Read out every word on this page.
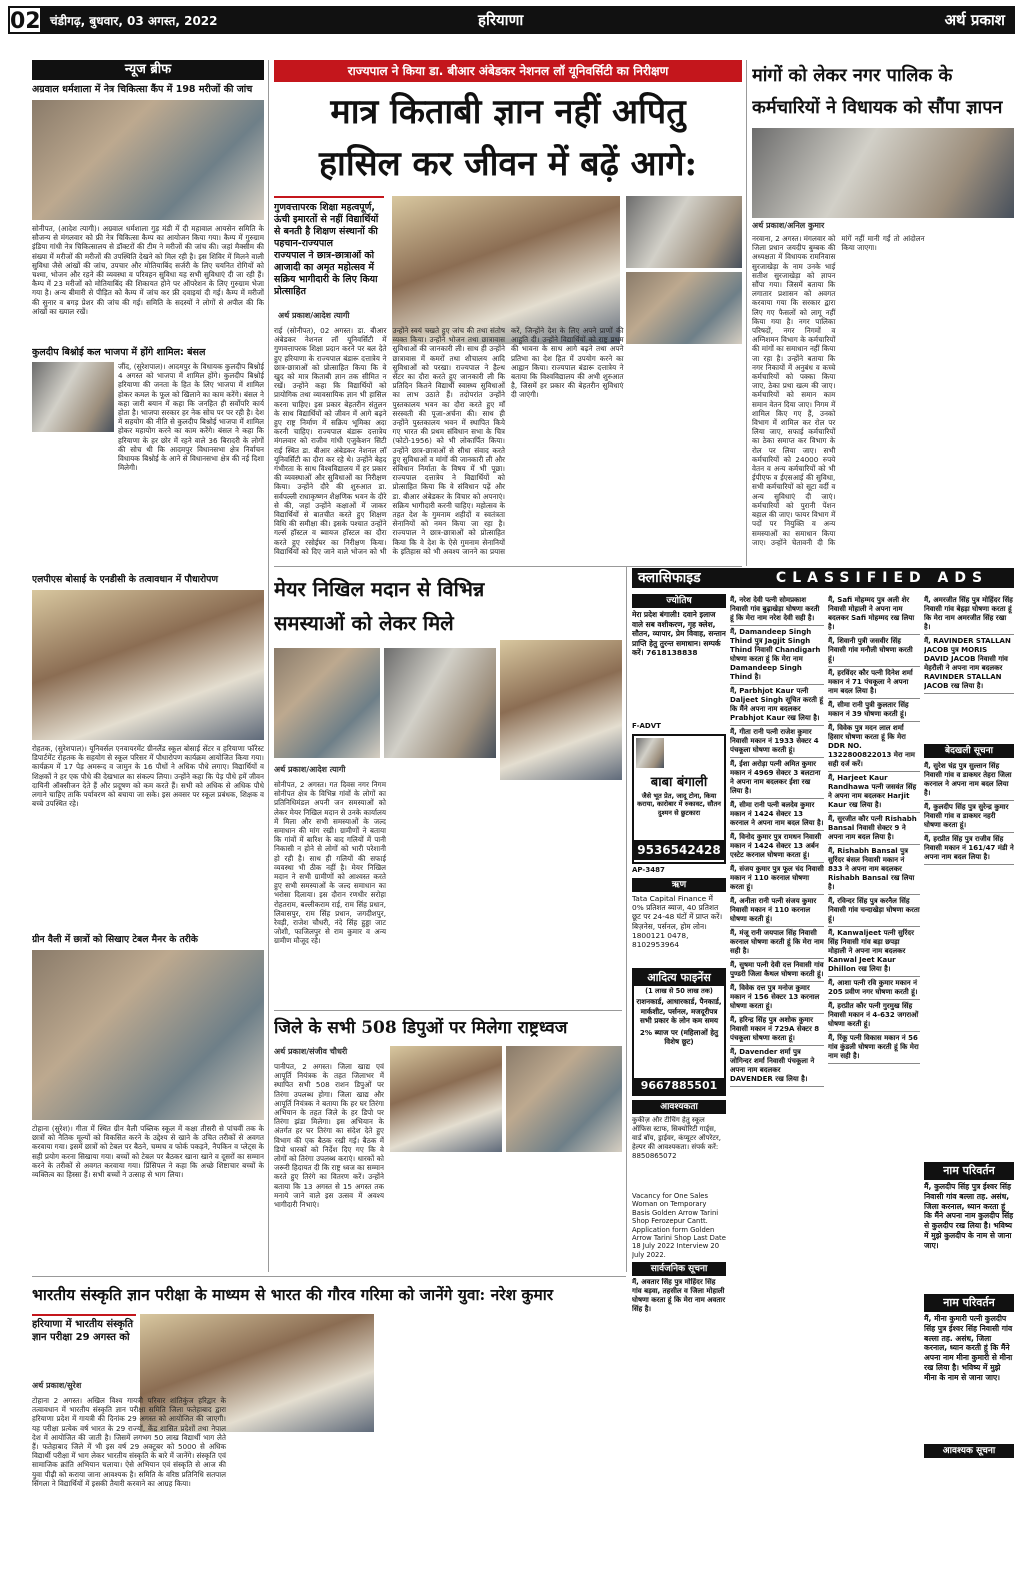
02 चंडीगढ़, बुधवार, 03 अगस्त, 2022	हरियाणा	अर्थ प्रकाश
न्यूज ब्रीफ
अग्रवाल धर्मशाला में नेत्र चिकित्सा कैंप में 198 मरीजों की जांच
सोनीपत, (आदेश त्यागी)। अग्रवाल धर्मशाला गुड़ मंडी में दी महावाल आयसेन समिति के सौजन्य से मंगलवार को फ्री नेत्र चिकित्सा कैम्प का आयोजन किया गया। कैम्प में गुरुग्राम इंडिया गांधी नेत्र चिकित्सालय से डॉक्टरों की टीम ने मरीजों की जांच की। जहां मैक्सीम की संख्या में मरीजों की मरीजों की उपस्थिति देखने को मिल रही है। इस शिविर में मिलने वाली सुविधा जैसे आंखों की जांच, उपचार और मोतियाबिंद सर्जरी के लिए चयनित रोगियों को चश्मा, भोजन और रहने की व्यवस्था व परिवहन सुविधा यह सभी सुविधाएं दी जा रही हैं। कैम्प में 23 मरीजों को मोतियाबिंद की शिकायत होने पर ऑपरेशन के लिए गुरुग्राम भेजा गया है। अन्य बीमारी से पीड़ित को कैम्प में जांच कर फ्री दवाइयां दी गई। कैम्प में मरीजों की सुनार व बगड़ प्रेशर की जांच की गई। समिति के सदस्यों ने लोगों से अपील की कि आंखों का ख्याल रखें।
कुलदीप बिश्नोई कल भाजपा में होंगे शामिल: बंसल
जींद, (सुरेशपाल)। आदमपुर के विधायक कुलदीप बिश्नोई 4 अगस्त को भाजपा में शामिल होंगे। कुलदीप बिश्नोई हरियाणा की जनता के हित के लिए भाजपा में शामिल होकर कमल के फूल को खिलाने का काम करेंगे। बंसल ने कहा जारी बयान में कहा कि जनहित ही सर्वोपरि कार्य होता है। भाजपा सरकार हर नेक सोच पर पर रही है। देश में सहयोग की नीति से कुलदीप बिश्नोई भाजपा में शामिल होकर महायोग करने का काम करेंगे। बंसल ने कहा कि हरियाणा के हर छोर में रहने वाले 36 बिरादरी के लोगों की सोच थी कि आदमपुर विधानसभा क्षेत्र निर्वाचन विधायक बिश्नोई के आने से विधानसभा क्षेत्र की नई दिशा मिलेगी।
एलपीएस बोसाई के एनडीसी के तत्वावधान में पौधारोपण
रोहतक, (सुरेशपाल)। यूनिवर्सल एनवायरमेंट ग्रीनलैंड स्कूल बोसाई सेंटर व हरियाणा फॉरेस्ट डिपार्टमेंट रोहतक के सहयोग से स्कूल परिसर में पौधारोपण कार्यक्रम आयोजित किया गया। कार्यक्रम में 17 पेड़ अमरूद व जामुन के 16 पौधों ने अधिक पौधे लगाए। विद्यार्थियों व शिक्षकों ने हर एक पौधे की देखभाल का संकल्प लिया। उन्होंने कहा कि पेड़ पौधे हमें जीवन दायिनी ऑक्सीजन देते हैं और प्रदूषण को कम करते हैं। सभी को अधिक से अधिक पौधे लगाने चाहिए ताकि पर्यावरण को बचाया जा सके। इस अवसर पर स्कूल प्रबंधक, शिक्षक व बच्चे उपस्थित रहे।
ग्रीन वैली में छात्रों को सिखाए टेबल मैनर के तरीके
टोहाना (सुरेश)। गीता में स्थित ग्रीन वैली पब्लिक स्कूल में कक्षा तीसरी से पांचवीं तक के छात्रों को नैतिक मूल्यों को विकसित करने के उद्देश्य से खाने के उचित तरीकों से अवगत करवाया गया। इसमें छात्रों को टेबल पर बैठने, चम्मच व फोर्क पकड़ने, नैपकिन व प्लेट्स के सही प्रयोग करना सिखाया गया। बच्चों को टेबल पर बैठकर खाना खाने व दूसरों का सम्मान करने के तरीकों से अवगत करवाया गया। प्रिंसिपल ने कहा कि अच्छे शिष्टाचार बच्चों के व्यक्तित्व का हिस्सा हैं। सभी बच्चों ने उत्साह से भाग लिया।
राज्यपाल ने किया डा. बीआर अंबेडकर नेशनल लॉ यूनिवर्सिटी का निरीक्षण
मात्र किताबी ज्ञान नहीं अपितु
हासिल कर जीवन में बढ़ें आगे:
गुणवत्तापरक शिक्षा महत्वपूर्ण, ऊंची इमारतों से नहीं विद्यार्थियों से बनती है शिक्षण संस्थानों की पहचान-राज्यपाल
राज्यपाल ने छात्र-छात्राओं को आजादी का अमृत महोत्सव में सक्रिय भागीदारी के लिए किया प्रोत्साहित
अर्थ प्रकाश/आदेश त्यागी
राई (सोनीपत), 02 अगस्त। डा. बीआर अंबेडकर नेशनल लॉ यूनिवर्सिटी में गुणवत्तापरक शिक्षा प्रदान करने पर बल देते हुए हरियाणा के राज्यपाल बंडारू दत्तात्रेय ने छात्र-छात्राओं को प्रोत्साहित किया कि वे खुद को मात्र किताबी ज्ञान तक सीमित न रखें। उन्होंने कहा कि विद्यार्थियों को प्रायोगिक तथा व्यावसायिक ज्ञान भी हासिल करना चाहिए। इस प्रकार बेहतरीन संतुलन के साथ विद्यार्थियों को जीवन में आगे बढ़ने हुए राष्ट्र निर्माण में सक्रिय भूमिका अदा करनी चाहिए। राज्यपाल बंडारू दत्तात्रेय मंगलवार को राजीव गांधी एजुकेशन सिटी राई स्थित डा. बीआर अंबेडकर नेशनल लॉ यूनिवर्सिटी का दौरा कर रहे थे। उन्होंने बेहद गंभीरता के साथ विश्वविद्यालय में हर प्रकार की व्यवस्थाओं और सुविधाओं का निरीक्षण किया। उन्होंने दौरे की शुरुआत डा. सर्वपल्ली राधाकृष्णन शैक्षणिक भवन के दौरे से की, जहां उन्होंने कक्षाओं में जाकर विद्यार्थियों से बातचीत करते हुए शिक्षण विधि की समीक्षा की। इसके पश्चात उन्होंने गर्ल्स हॉस्टल व ब्वायज हॉस्टल का दौरा करते हुए रसोईघर का निरीक्षण किया। विद्यार्थियों को दिए जाने वाले भोजन को भी उन्होंने स्वयं चखते हुए जांच की तथा संतोष व्यक्त किया। उन्होंने भोजन तथा छात्रावास सुविधाओं की जानकारी ली। साथ ही उन्होंने छात्रावास में कमरों तथा शौचालय आदि सुविधाओं को परखा। राज्यपाल ने हैल्थ सेंटर का दौरा करते हुए जानकारी ली कि प्रतिदिन कितने विद्यार्थी स्वास्थ्य सुविधाओं का लाभ उठाते हैं। तदोपरांत उन्होंने पुस्तकालय भवन का दौरा करते हुए माँ सरस्वती की पूजा-अर्चना की। साथ ही उन्होंने पुस्तकालय भवन में स्थापित किये गए भारत की प्रथम संविधान सभा के चित्र (फोटो-1956) को भी लोकार्पित किया। उन्होंने छात्र-छात्राओं से सीधा संवाद करते हुए सुविधाओं व मांगों की जानकारी ली और संविधान निर्माता के विषय में भी पूछा। राज्यपाल दत्तात्रेय ने विद्यार्थियों को प्रोत्साहित किया कि वे संविधान पढ़ें और डा. बीआर अंबेडकर के विचार को अपनाएं। सक्रिय भागीदारी करनी चाहिए। महोत्सव के तहत देश के गुमनाम शहीदों व स्वतंत्रता सेनानियों को नमन किया जा रहा है। राज्यपाल ने छात्र-छात्राओं को प्रोत्साहित किया कि वे देश के ऐसे गुमनाम सेनानियों के इतिहास को भी अवश्य जानने का प्रयास करें, जिन्होंने देश के लिए अपने प्राणों की आहुति दी। उन्होंने विद्यार्थियों को राष्ट्र प्रथम की भावना के साथ आगे बढ़ने तथा अपने प्रतिभा का देश हित में उपयोग करने का आह्वान किया। राज्यपाल बंडारू दत्तात्रेय ने बताया कि विश्वविद्यालय की अभी शुरुआत है, जिसमें हर प्रकार की बेहतरीन सुविधाएं दी जाएंगी।
मेयर निखिल मदान से विभिन्न समस्याओं को लेकर मिले
अर्थ प्रकाश/आदेश त्यागी
सोनीपत, 2 अगस्त। गत दिवस नगर निगम सोनीपत क्षेत्र के विभिन्न गांवों के लोगों का प्रतिनिधिमंडल अपनी जन समस्याओं को लेकर मेयर निखिल मदान से उनके कार्यालय में मिला और सभी समस्याओं के जल्द समाधान की मांग रखी। ग्रामीणों ने बताया कि गांवों में बारिश के बाद गलियों में पानी निकासी न होने से लोगों को भारी परेशानी हो रही है। साथ ही गलियों की सफाई व्यवस्था भी ठीक नहीं है। मेयर निखिल मदान ने सभी ग्रामीणों को आश्वस्त करते हुए सभी समस्याओं के जल्द समाधान का भरोसा दिलाया। इस दौरान रणधीर सरोहा रोहतराम, बल्लीकराम राई, राम सिंह प्रधान, लिवासपुर, राम सिंह प्रधान, जगदीशपुर, रेवड़ी, राजेश चौधरी, नंदे सिंह हुड्डा जाट जोशी, फाजिलपुर से राम कुमार व अन्य ग्रामीण मौजूद रहे।
जिले के सभी 508 डिपुओं पर मिलेगा राष्ट्रध्वज
अर्थ प्रकाश/संजीव चौधरी
पानीपत, 2 अगस्त। जिला खाद्य एवं आपूर्ति नियंत्रक के तहत जिलाभर में स्थापित सभी 508 राशन डिपुओं पर तिरंगा उपलब्ध होगा। जिला खाद्य और आपूर्ति नियंत्रक ने बताया कि हर घर तिरंगा अभियान के तहत जिले के हर डिपो पर तिरंगा झंडा मिलेगा। इस अभियान के अंतर्गत हर घर तिरंगा का संदेश देते हुए विभाग की एक बैठक रखी गई। बैठक में डिपो धारकों को निर्देश दिए गए कि वे लोगों को तिरंगा उपलब्ध कराएं। धारकों को जरूरी हिदायत दी कि राष्ट्र ध्वज का सम्मान करते हुए तिरंगे का वितरण करें। उन्होंने बताया कि 13 अगस्त से 15 अगस्त तक मनाये जाने वाले इस उत्सव में अवश्य भागीदारी निभाएं।
मांगों को लेकर नगर पालिक के कर्मचारियों ने विधायक को सौंपा ज्ञापन
अर्थ प्रकाश/अनिल कुमार
नरवाना, 2 अगस्त। मंगलवार को जिला प्रधान जयदीप बुम्बक की अध्यक्षता में विधायक रामनिवास सुरजाखेड़ा के नाम उनके भाई सतीश सुरजाखेड़ा को ज्ञापन सौंपा गया। जिसमें बताया कि लगातार प्रशासन को अवगत करवाया गया कि सरकार द्वारा लिए गए फैसलों को लागू नहीं किया गया है। नगर पालिका परिषदों, नगर निगमों व अग्निशमन विभाग के कर्मचारियों की मांगों का समाधान नहीं किया जा रहा है। उन्होंने बताया कि नगर निकायों में अनुबंध व कच्चे कर्मचारियों को पक्का किया जाए, ठेका प्रथा खत्म की जाए। कर्मचारियों को समान काम समान वेतन दिया जाए। निगम में शामिल किए गए हैं, उनको विभाग में शामिल कर रोल पर लिया जाए, सफाई कर्मचारियों का ठेका समाप्त कर विभाग के रोल पर लिया जाए। सभी कर्मचारियों को 24000 रुपये वेतन व अन्य कर्मचारियों को भी ईपीएफ व ईएसआई की सुविधा, सभी कर्मचारियों को सूटा वर्दी व अन्य सुविधाएं दी जाएं। कर्मचारियों को पुरानी पेंशन बहाल की जाए। फायर विभाग में पदों पर नियुक्ति व अन्य समस्याओं का समाधान किया जाए। उन्होंने चेतावनी दी कि मांगें नहीं मानी गईं तो आंदोलन किया जाएगा।
क्लासिफाइड	CLASSIFIED ADS
ज्योतिष
मेरा प्रदेश बंगाली! दवाने इलाज वाले सब वशीकरण, गृह क्लेश, सौतन, व्यापार, प्रेम विवाह, सन्तान प्राप्ति हेतु तुरन्त समाधान। सम्पर्क करें। 7618138838
F-ADVT
बाबा बंगाली
जैसे भूत प्रेत, जादू टोना, किया कराया, कारोबार में रुकावट, सौतन दुश्मन से छुटकारा
9536542428
AP-3487
ऋण
Tata Capital Finance में 0% प्रतिशत ब्याज, 40 प्रतिशत छूट पर 24-48 घंटों में प्राप्त करें। बिज़नेस, पर्सनल, होम लोन। 1800121 0478, 8102953964
आदित्य फाइनेंस
(1 लाख से 50 लाख तक)
राशनकार्ड, आधारकार्ड, पैनकार्ड, मार्कशीट, पर्सनल, मजदूरीपत्र सभी प्रकार के लोन कम समय
2% ब्याज पर (महिलाओं हेतु विशेष छूट)
9667885501
आवश्यकता
कुकीज़ और टीचिंग हेतु स्कूल ऑफिस स्टाफ, सिक्योरिटी गार्ड्स, वार्ड बॉय, ड्राईवर, कंप्यूटर ऑपरेटर, हेल्पर की आवश्यकता। संपर्क करें: 8850865072
Vacancy for One Sales Woman on Temporary Basis Golden Arrow Tarini Shop Ferozepur Cantt. Application form Golden Arrow Tarini Shop Last Date 18 July 2022 Interview 20 July 2022.
सार्वजनिक सूचना
मैं, अवतार सिंह पुत्र मोहिंदर सिंह गांव बड़वा, तहसील व जिला मोहाली घोषणा करता हूं कि मेरा नाम अवतार सिंह है।
मैं, नरेश देवी पत्नी सोमप्रकाश निवासी गांव बुढ़ाखेड़ा घोषणा करती हूं कि मेरा नाम नरेश देवी सही है।
मैं, Damandeep Singh Thind पुत्र Jagjit Singh Thind निवासी Chandigarh घोषणा करता हूं कि मेरा नाम Damandeep Singh Thind है।
मैं, Parbhjot Kaur पत्नी Daljeet Singh सूचित करती हूं कि मैंने अपना नाम बदलकर Prabhjot Kaur रख लिया है।
मैं, गीता रानी पत्नी राजेश कुमार निवासी मकान नं 1933 सेक्टर 4 पंचकूला घोषणा करती हूं।
मैं, ईशा अरोड़ा पत्नी अमित कुमार मकान नं 4969 सेक्टर 3 बलटाना ने अपना नाम बदलकर ईशा रख लिया है।
मैं, सीमा रानी पत्नी बलदेव कुमार मकान नं 1424 सेक्टर 13 करनाल ने अपना नाम बदल लिया है।
मैं, विनोद कुमार पुत्र रामधन निवासी मकान नं 1424 सेक्टर 13 अर्बन एस्टेट करनाल घोषणा करता हूं।
मैं, संजय कुमार पुत्र फूल चंद निवासी मकान नं 110 करनाल घोषणा करता हूं।
मैं, अनीता रानी पत्नी संजय कुमार निवासी मकान नं 110 करनाल घोषणा करती हूं।
मैं, मंजू रानी जयपाल सिंह निवासी करनाल घोषणा करती हूं कि मेरा नाम सही है।
मैं, सुषमा पत्नी देवी दत्त निवासी गांव पुण्डरी जिला कैथल घोषणा करती हूं।
मैं, विवेक दत्त पुत्र मनोज कुमार मकान नं 156 सेक्टर 13 करनाल घोषणा करता हूं।
मैं, हरिन्द्र सिंह पुत्र अशोक कुमार निवासी मकान नं 729A सेक्टर 8 पंचकूला घोषणा करता हूं।
मैं, Davender शर्मा पुत्र जोगिन्दर शर्मा निवासी पंचकूला ने अपना नाम बदलकर DAVENDER रख लिया है।
मैं, Safi मोहम्मद पुत्र अली शेर निवासी मोहाली ने अपना नाम बदलकर Safi मोहम्मद रख लिया है।
मैं, शिवानी पुत्री जसवीर सिंह निवासी गांव मनौली घोषणा करती हूं।
मैं, हरविंदर कौर पत्नी दिनेश शर्मा मकान नं 71 पंचकूला ने अपना नाम बदल लिया है।
मैं, सीमा रानी पुत्री कुलतार सिंह मकान नं 39 घोषणा करती हूं।
मैं, विवेक पुत्र मदन लाल शर्मा हिसार घोषणा करता हूं कि मेरा DDR NO. 1322800822013 मेरा नाम सही दर्ज करें।
मैं, Harjeet Kaur Randhawa पत्नी जसवंत सिंह ने अपना नाम बदलकर Harjit Kaur रख लिया है।
मैं, सुरजीत कौर पत्नी Rishabh Bansal निवासी सेक्टर 9 ने अपना नाम बदल लिया है।
मैं, Rishabh Bansal पुत्र सुरिंदर बंसल निवासी मकान नं 833 ने अपना नाम बदलकर Rishabh Bansal रख लिया है।
मैं, रविन्दर सिंह पुत्र करनैल सिंह निवासी गांव चन्दाखेड़ा घोषणा करता हूं।
मैं, Kanwaljeet पत्नी सुरिंदर सिंह निवासी गांव बड़ा छपड़ा मोहाली ने अपना नाम बदलकर Kanwal Jeet Kaur Dhillon रख लिया है।
मैं, आशा पत्नी रवि कुमार मकान नं 205 प्रवीण नगर घोषणा करती हूं।
मैं, हरप्रीत कौर पत्नी गुरमुख सिंह निवासी मकान नं 4-632 जगराओं घोषणा करती हूं।
मैं, रिंकू पत्नी विकास मकान नं 56 गांव कुंडली घोषणा करती हूं कि मेरा नाम सही है।
मैं, अमरजीत सिंह पुत्र मोहिंदर सिंह निवासी गांव बेहड़ा घोषणा करता हूं कि मेरा नाम अमरजीत सिंह रखा है।
मैं, RAVINDER STALLAN JACOB पुत्र MORIS DAVID JACOB निवासी गांव मेहरौली ने अपना नाम बदलकर RAVINDER STALLAN JACOB रख लिया है।
बेदखली सूचना
मैं, सुरेश चंद्र पुत्र सुल्तान सिंह निवासी गांव व डाकघर तेहरा जिला करनाल ने अपना नाम बदल लिया है।
मैं, कुलदीप सिंह पुत्र सुरेन्द्र कुमार निवासी गांव व डाकघर नहरी घोषणा करता हूं।
मैं, हरप्रीत सिंह पुत्र राजीव सिंह निवासी मकान नं 161/47 मंडी ने अपना नाम बदल लिया है।
नाम परिवर्तन
मैं, कुलदीप सिंह पुत्र ईश्वर सिंह निवासी गांव बल्ला तह. असंध, जिला करनाल, ध्यान करता हूं कि मैंने अपना नाम कुलदीप सिंह से कुलदीप रख लिया है। भविष्य में मुझे कुलदीप के नाम से जाना जाए।
नाम परिवर्तन
मैं, मीना कुमारी पत्नी कुलदीप सिंह पुत्र ईश्वर सिंह निवासी गांव बल्ला तह. असंध, जिला करनाल, ध्यान करती हूं कि मैंने अपना नाम मीना कुमारी से मीना रख लिया है। भविष्य में मुझे मीना के नाम से जाना जाए।
आवश्यक सूचना
भारतीय संस्कृति ज्ञान परीक्षा के माध्यम से भारत की गौरव गरिमा को जानेंगे युवा: नरेश कुमार
हरियाणा में भारतीय संस्कृति ज्ञान परीक्षा 29 अगस्त को
अर्थ प्रकाश/सुरेश
टोहाना 2 अगस्त। अखिल विश्व गायत्री परिवार शांतिकुंज हरिद्वार के तत्वावधान में भारतीय संस्कृति ज्ञान परीक्षा समिति जिला फतेहाबाद द्वारा हरियाणा प्रदेश में गायत्री की दिनांक 29 अगस्त को आयोजित की जाएगी। यह परीक्षा प्रत्येक वर्ष भारत के 29 राज्यों, केंद्र शासित प्रदेशों तथा नेपाल देश में आयोजित की जाती है। जिसमें लगभग 50 लाख विद्यार्थी भाग लेते हैं। फतेहाबाद जिले में भी इस वर्ष 29 अक्टूबर को 5000 से अधिक विद्यार्थी परीक्षा में भाग लेकर भारतीय संस्कृति के बारे में जानेंगे। संस्कृति एवं सामाजिक क्रांति अभियान चलाया। ऐसे अभियान एवं संस्कृति से आज की युवा पीढ़ी को कराया जाना आवश्यक है। समिति के वरिष्ठ प्रतिनिधि सतपाल सिंगला ने विद्यार्थियों में इसकी तैयारी करवाने का आग्रह किया।
